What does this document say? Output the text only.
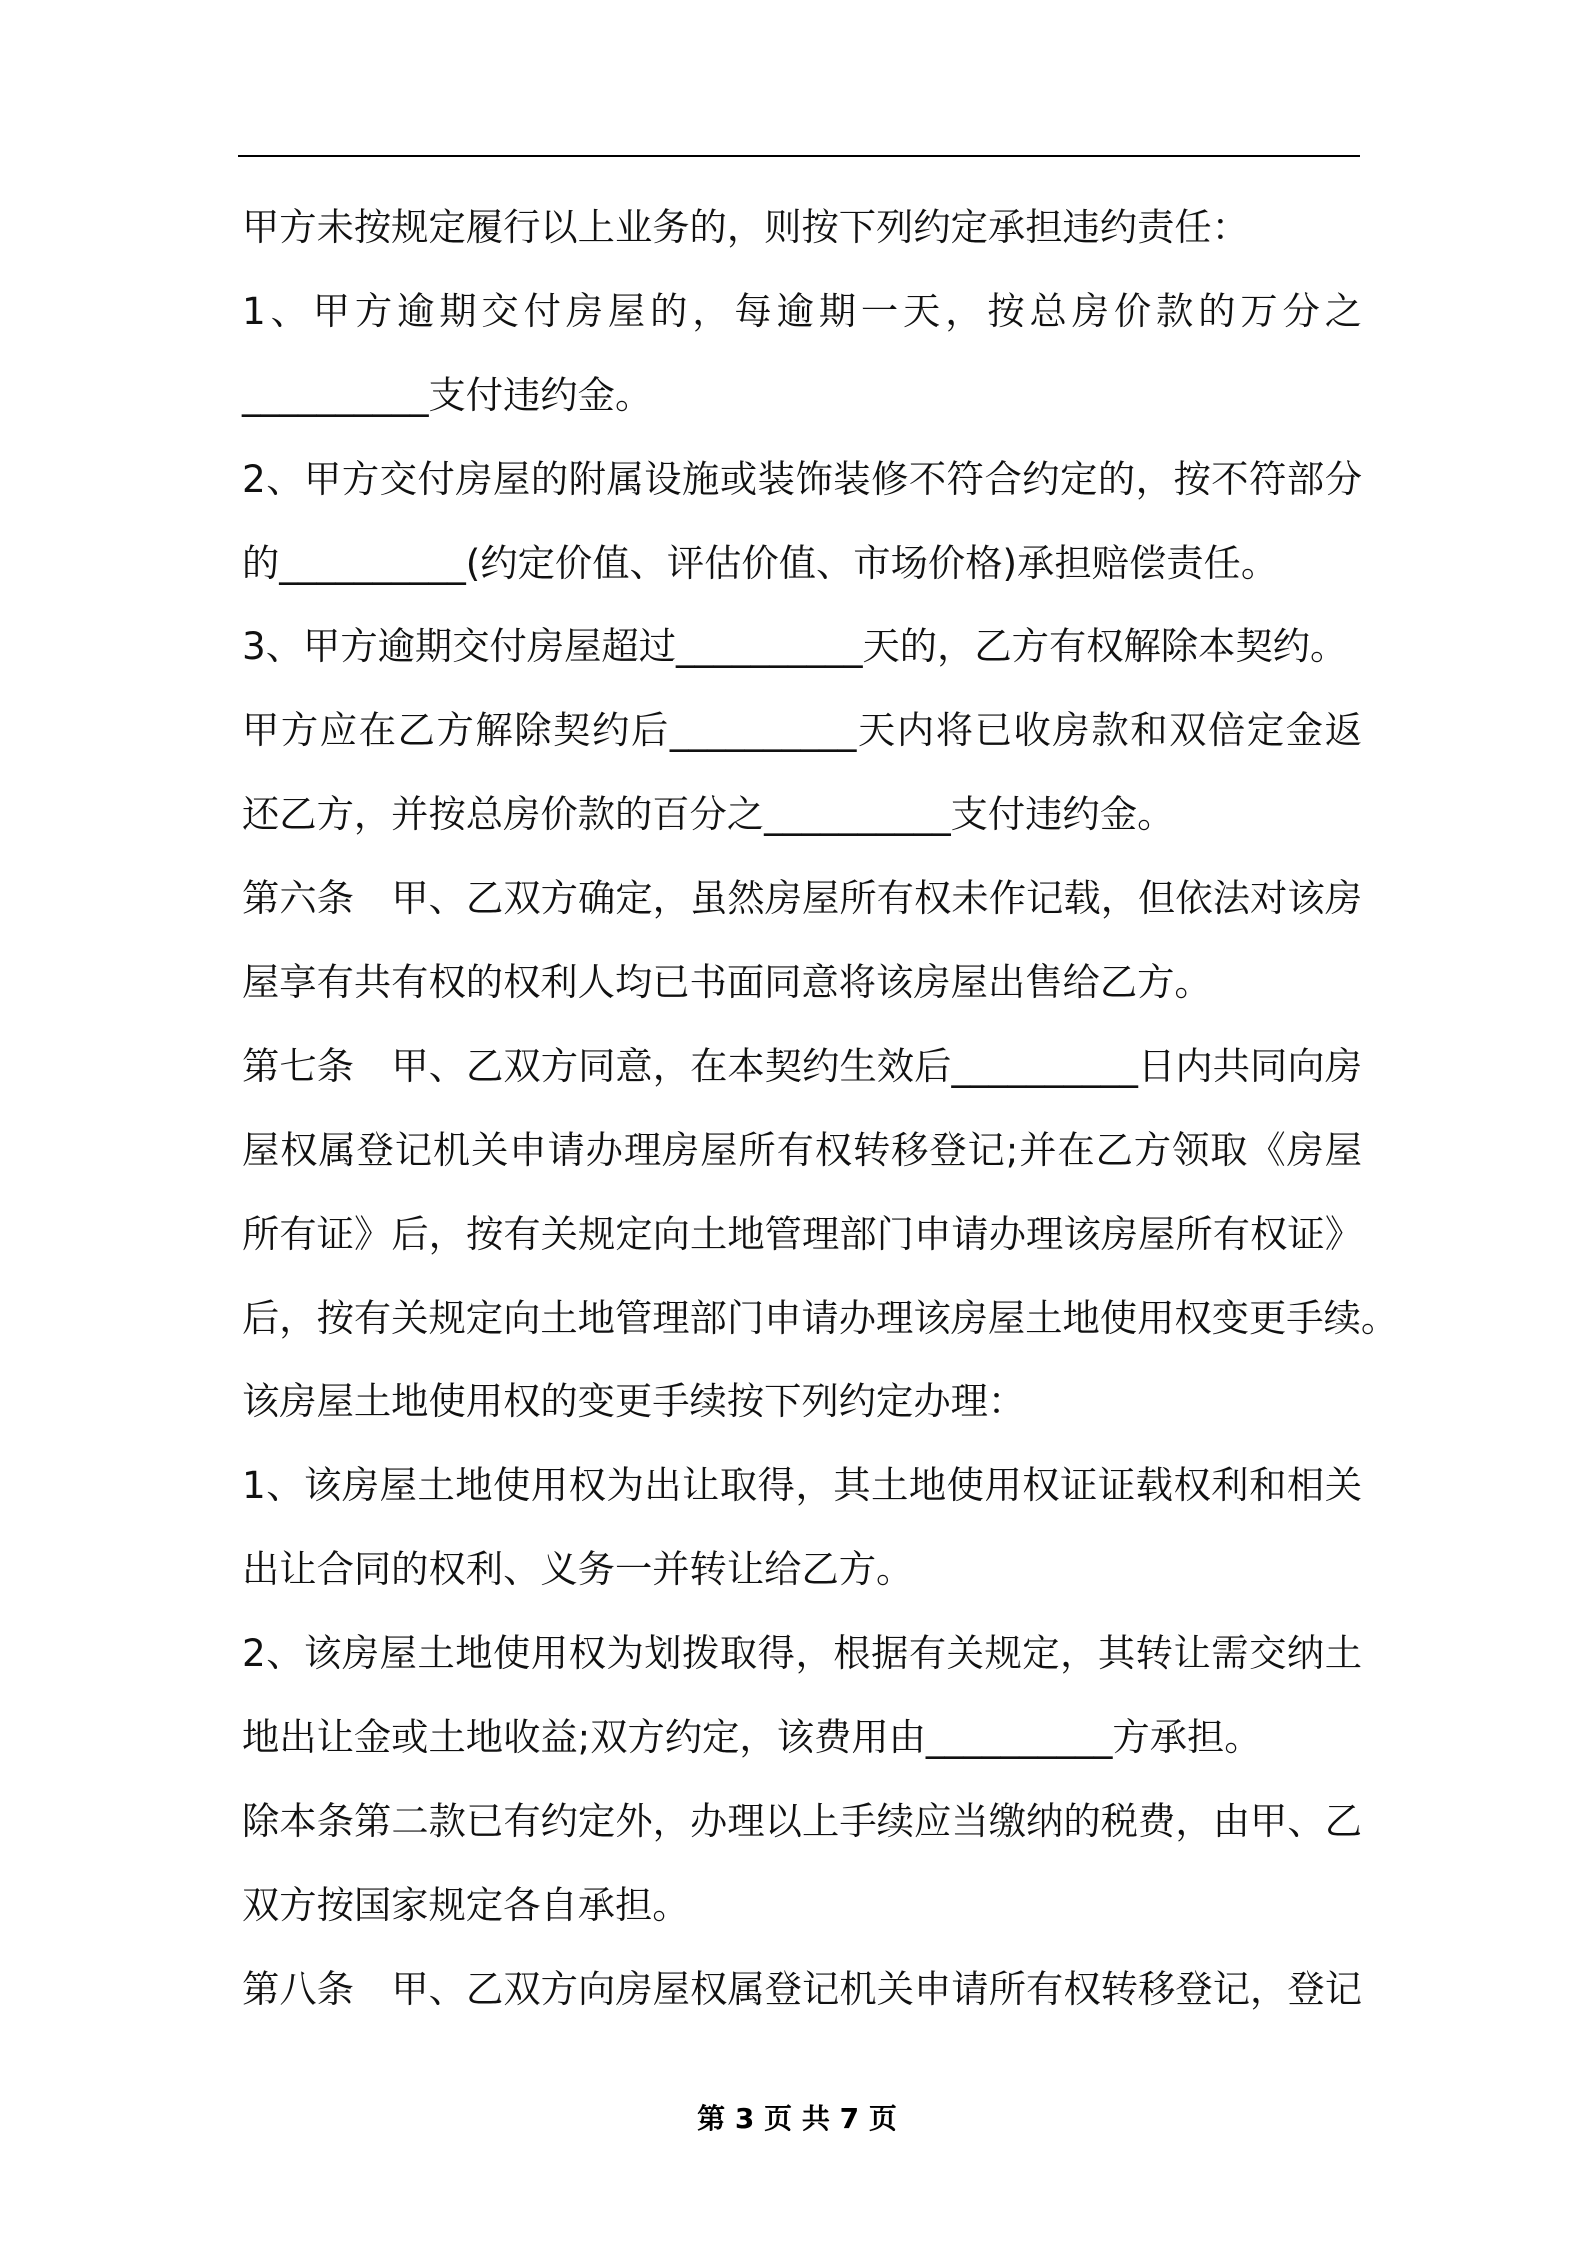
甲方未按规定履行以上业务的，则按下列约定承担违约责任：
1、甲方逾期交付房屋的，每逾期一天，按总房价款的万分之
__________支付违约金。
2、甲方交付房屋的附属设施或装饰装修不符合约定的，按不符部分
的__________(约定价值、评估价值、市场价格)承担赔偿责任。
3、甲方逾期交付房屋超过__________天的，乙方有权解除本契约。
甲方应在乙方解除契约后__________天内将已收房款和双倍定金返
还乙方，并按总房价款的百分之__________支付违约金。
第六条　甲、乙双方确定，虽然房屋所有权未作记载，但依法对该房
屋享有共有权的权利人均已书面同意将该房屋出售给乙方。
第七条　甲、乙双方同意，在本契约生效后__________日内共同向房
屋权属登记机关申请办理房屋所有权转移登记;并在乙方领取《房屋
所有证》后，按有关规定向土地管理部门申请办理该房屋所有权证》
后，按有关规定向土地管理部门申请办理该房屋土地使用权变更手续。
该房屋土地使用权的变更手续按下列约定办理：
1、该房屋土地使用权为出让取得，其土地使用权证证载权利和相关
出让合同的权利、义务一并转让给乙方。
2、该房屋土地使用权为划拨取得，根据有关规定，其转让需交纳土
地出让金或土地收益;双方约定，该费用由__________方承担。
除本条第二款已有约定外，办理以上手续应当缴纳的税费，由甲、乙
双方按国家规定各自承担。
第八条　甲、乙双方向房屋权属登记机关申请所有权转移登记，登记
第 3 页 共 7 页
